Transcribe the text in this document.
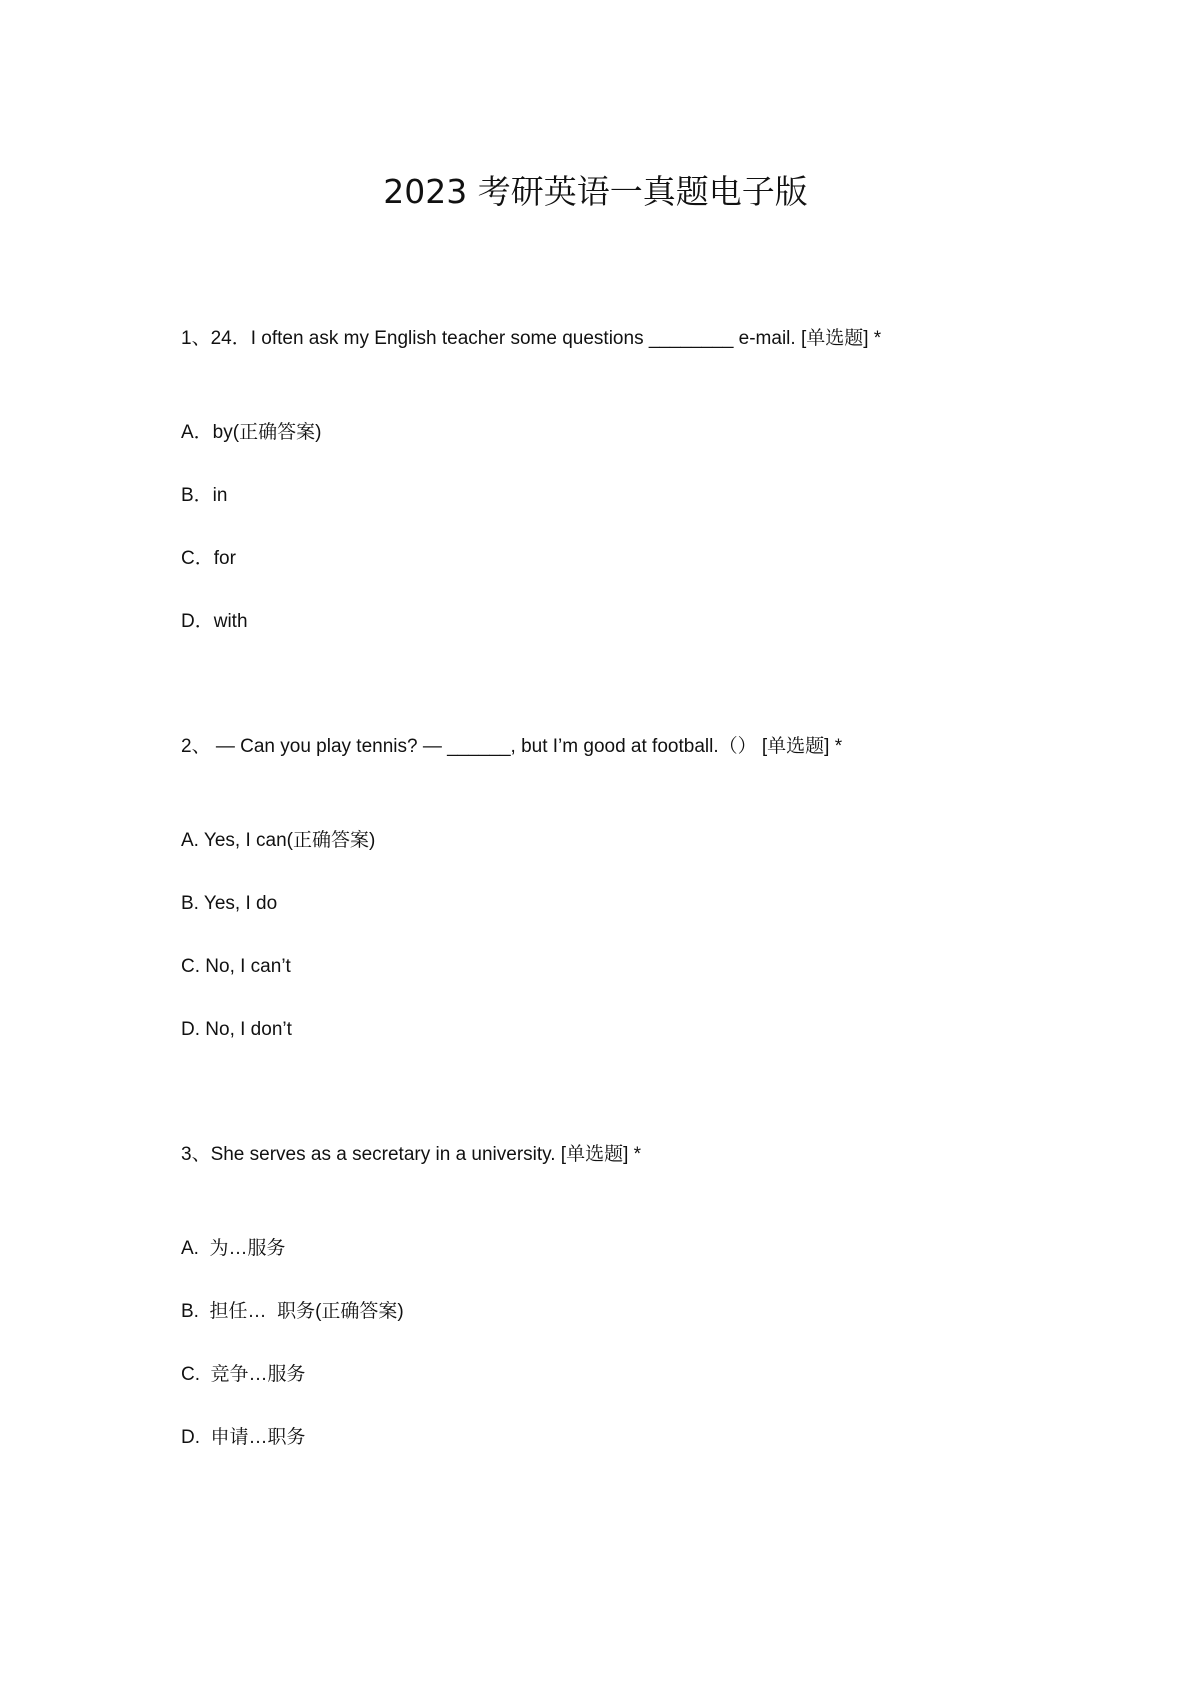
2023 考研英语一真题电子版
1、24．I often ask my English teacher some questions ________ e-mail. [单选题] *
A．by(正确答案)
B．in
C．for
D．with
2、 — Can you play tennis? — ______, but I’m good at football.（） [单选题] *
A. Yes, I can(正确答案)
B. Yes, I do
C. No, I can’t
D. No, I don’t
3、She serves as a secretary in a university. [单选题] *
A.  为…服务
B.  担任…  职务(正确答案)
C.  竞争…服务
D.  申请…职务
